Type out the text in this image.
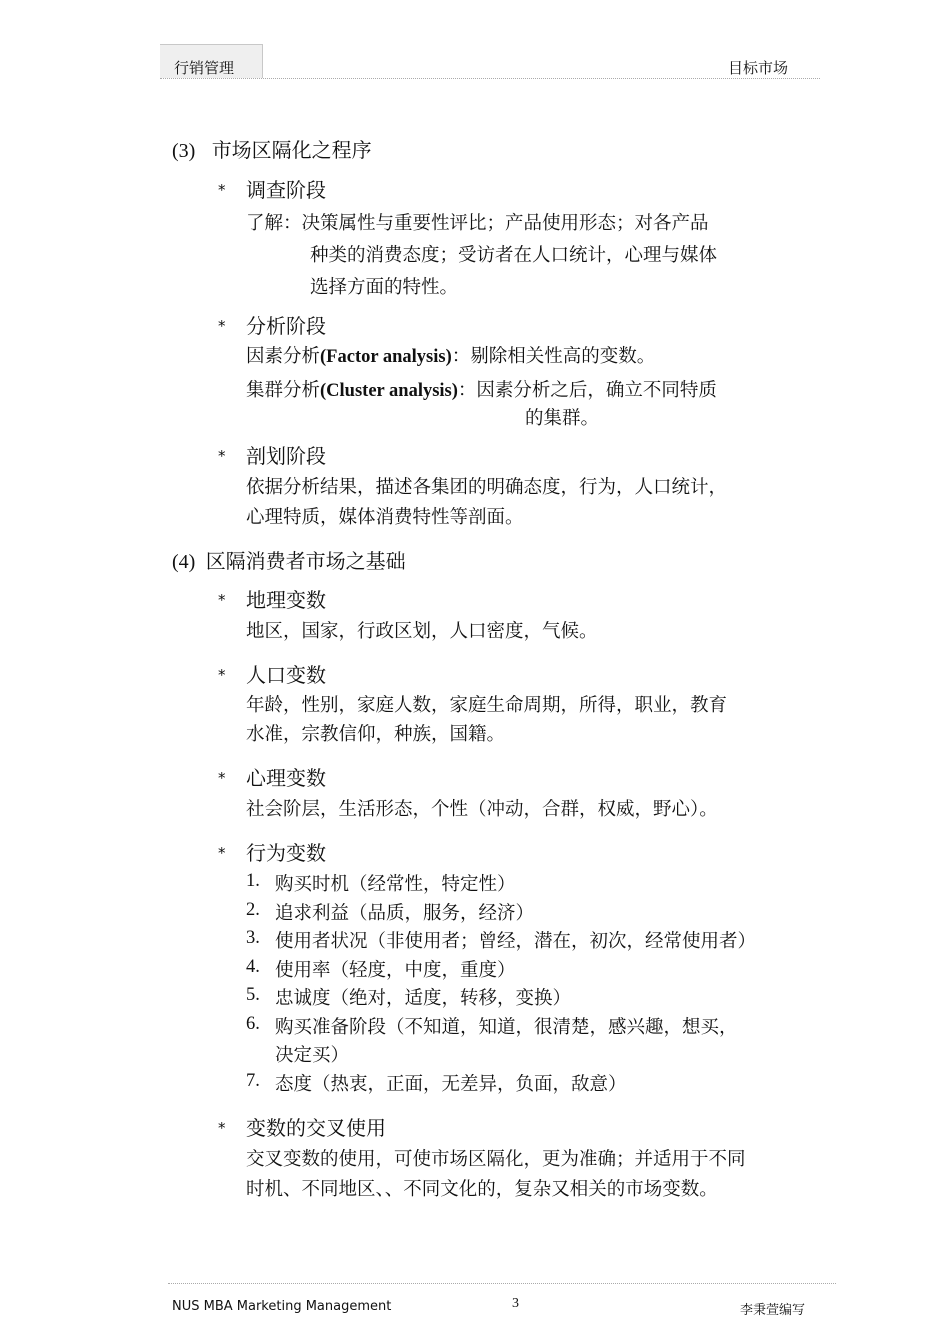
行销管理	目标市场
(3) 市场区隔化之程序
* 调查阶段
了解：决策属性与重要性评比；产品使用形态；对各产品
种类的消费态度；受访者在人口统计，心理与媒体
选择方面的特性。
* 分析阶段
因素分析(Factor analysis)：剔除相关性高的变数。
集群分析(Cluster analysis)：因素分析之后，确立不同特质
的集群。
* 剖划阶段
依据分析结果，描述各集团的明确态度，行为，人口统计，
心理特质，媒体消费特性等剖面。
(4) 区隔消费者市场之基础
* 地理变数
地区，国家，行政区划，人口密度，气候。
* 人口变数
年龄，性别，家庭人数，家庭生命周期，所得，职业，教育
水准，宗教信仰，种族，国籍。
* 心理变数
社会阶层，生活形态，个性（冲动，合群，权威，野心）。
* 行为变数
1. 购买时机（经常性，特定性）
2. 追求利益（品质，服务，经济）
3. 使用者状况（非使用者；曾经，潜在，初次，经常使用者）
4. 使用率（轻度，中度，重度）
5. 忠诚度（绝对，适度，转移，变换）
6. 购买准备阶段（不知道，知道，很清楚，感兴趣，想买，
决定买）
7. 态度（热衷，正面，无差异，负面，敌意）
* 变数的交叉使用
交叉变数的使用，可使市场区隔化，更为准确；并适用于不同
时机、不同地区、、不同文化的，复杂又相关的市场变数。
NUS MBA Marketing Management	3	李秉萱编写
